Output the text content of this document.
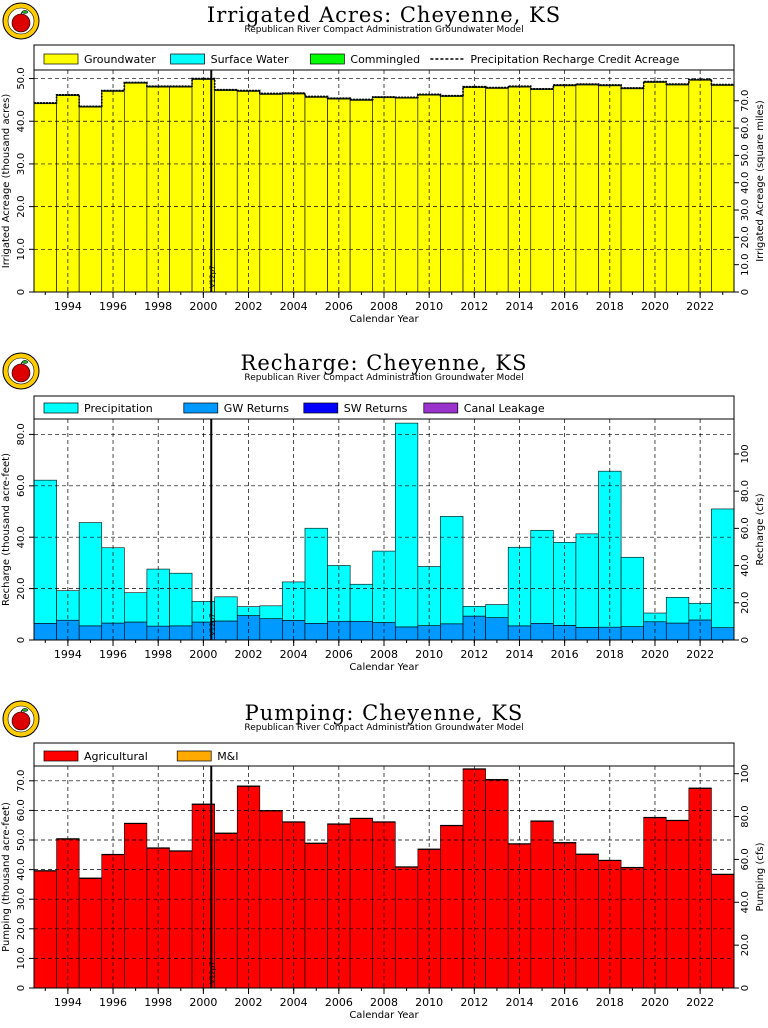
Irrigated Acres: Cheyenne, KS
Republican River Compact Administration Groundwater Model
V12p7
Groundwater	Surface Water	Commingled	Precipitation Recharge Credit Acreage
0
10.0
20.0
30.0
40.0
50.0
Irrigated Acreage (thousand acres)
0
10.0
20.0
30.0
40.0
50.0
60.0
70.0 Irrigated Acreage (square miles)
1994 1996 1998 2000 2002 2004 2006 2008 2010 2012 2014 2016 2018 2020 2022
Calendar Year
Recharge: Cheyenne, KS
Republican River Compact Administration Groundwater Model
V12p7
Precipitation	GW Returns	SW Returns	Canal Leakage
0
20.0
40.0
60.0
80.0
Recharge (thousand acre-feet)
0
20.0
40.0
60.0
80.0
100
Recharge (cfs)
1994 1996 1998 2000 2002 2004 2006 2008 2010 2012 2014 2016 2018 2020 2022
Calendar Year
Pumping: Cheyenne, KS
Republican River Compact Administration Groundwater Model
V12p7
Agricultural	M&I
0
10.0
20.0
30.0
40.0
50.0
60.0
70.0
Pumping (thousand acre-feet)
0
20.0
40.0
60.0
80.0
100
Pumping (cfs)
1994 1996 1998 2000 2002 2004 2006 2008 2010 2012 2014 2016 2018 2020 2022
Calendar Year
